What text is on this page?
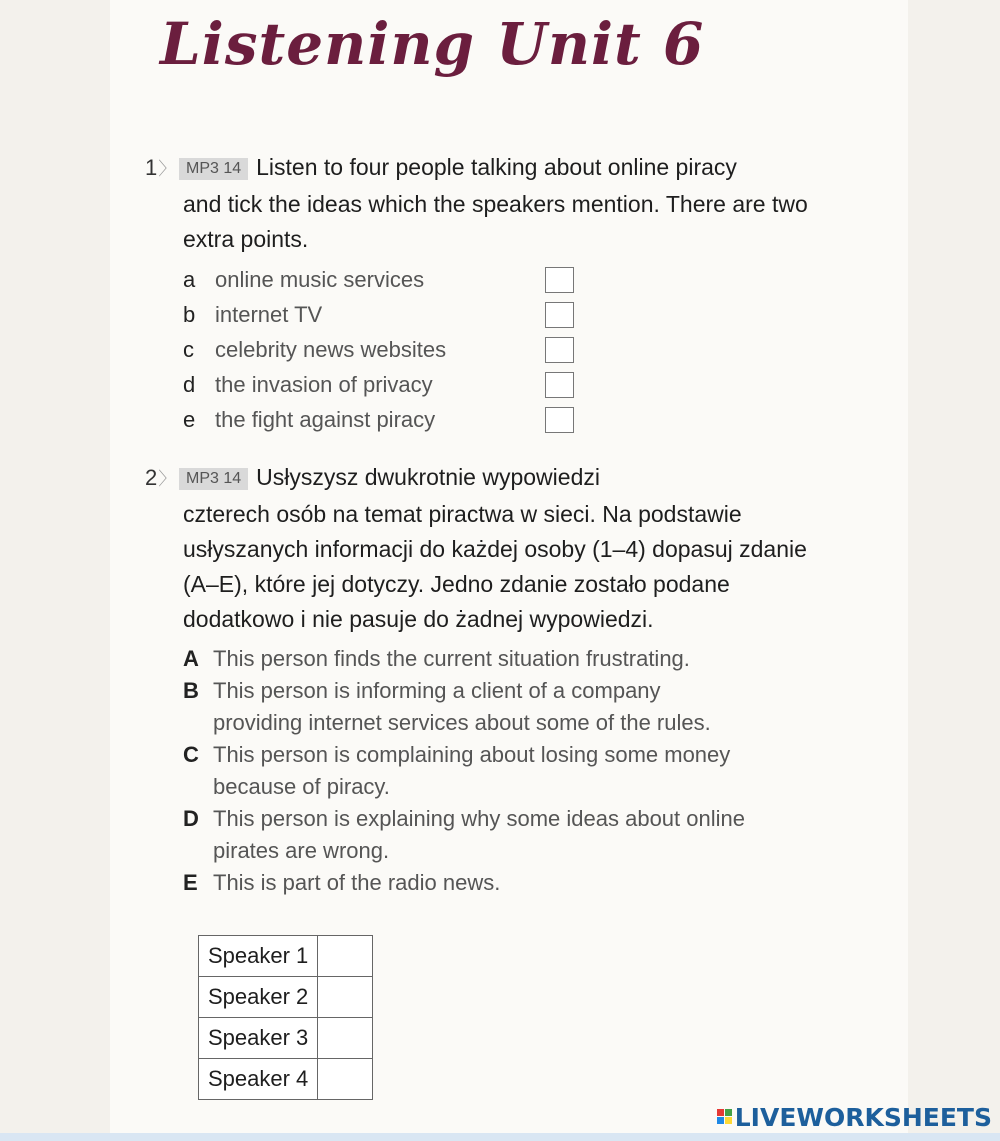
Listening Unit 6
1〉 MP3 14 Listen to four people talking about online piracy
and tick the ideas which the speakers mention. There are two extra points.
a online music services
b internet TV
c celebrity news websites
d the invasion of privacy
e the fight against piracy
2〉 MP3 14 Usłyszysz dwukrotnie wypowiedzi
czterech osób na temat piractwa w sieci. Na podstawie usłyszanych informacji do każdej osoby (1–4) dopasuj zdanie (A–E), które jej dotyczy. Jedno zdanie zostało podane dodatkowo i nie pasuje do żadnej wypowiedzi.
A This person finds the current situation frustrating.
B This person is informing a client of a company
providing internet services about some of the rules.
C This person is complaining about losing some money
because of piracy.
D This person is explaining why some ideas about online
pirates are wrong.
E This is part of the radio news.
Speaker 1	
Speaker 2	
Speaker 3	
Speaker 4	
LIVEWORKSHEETS
